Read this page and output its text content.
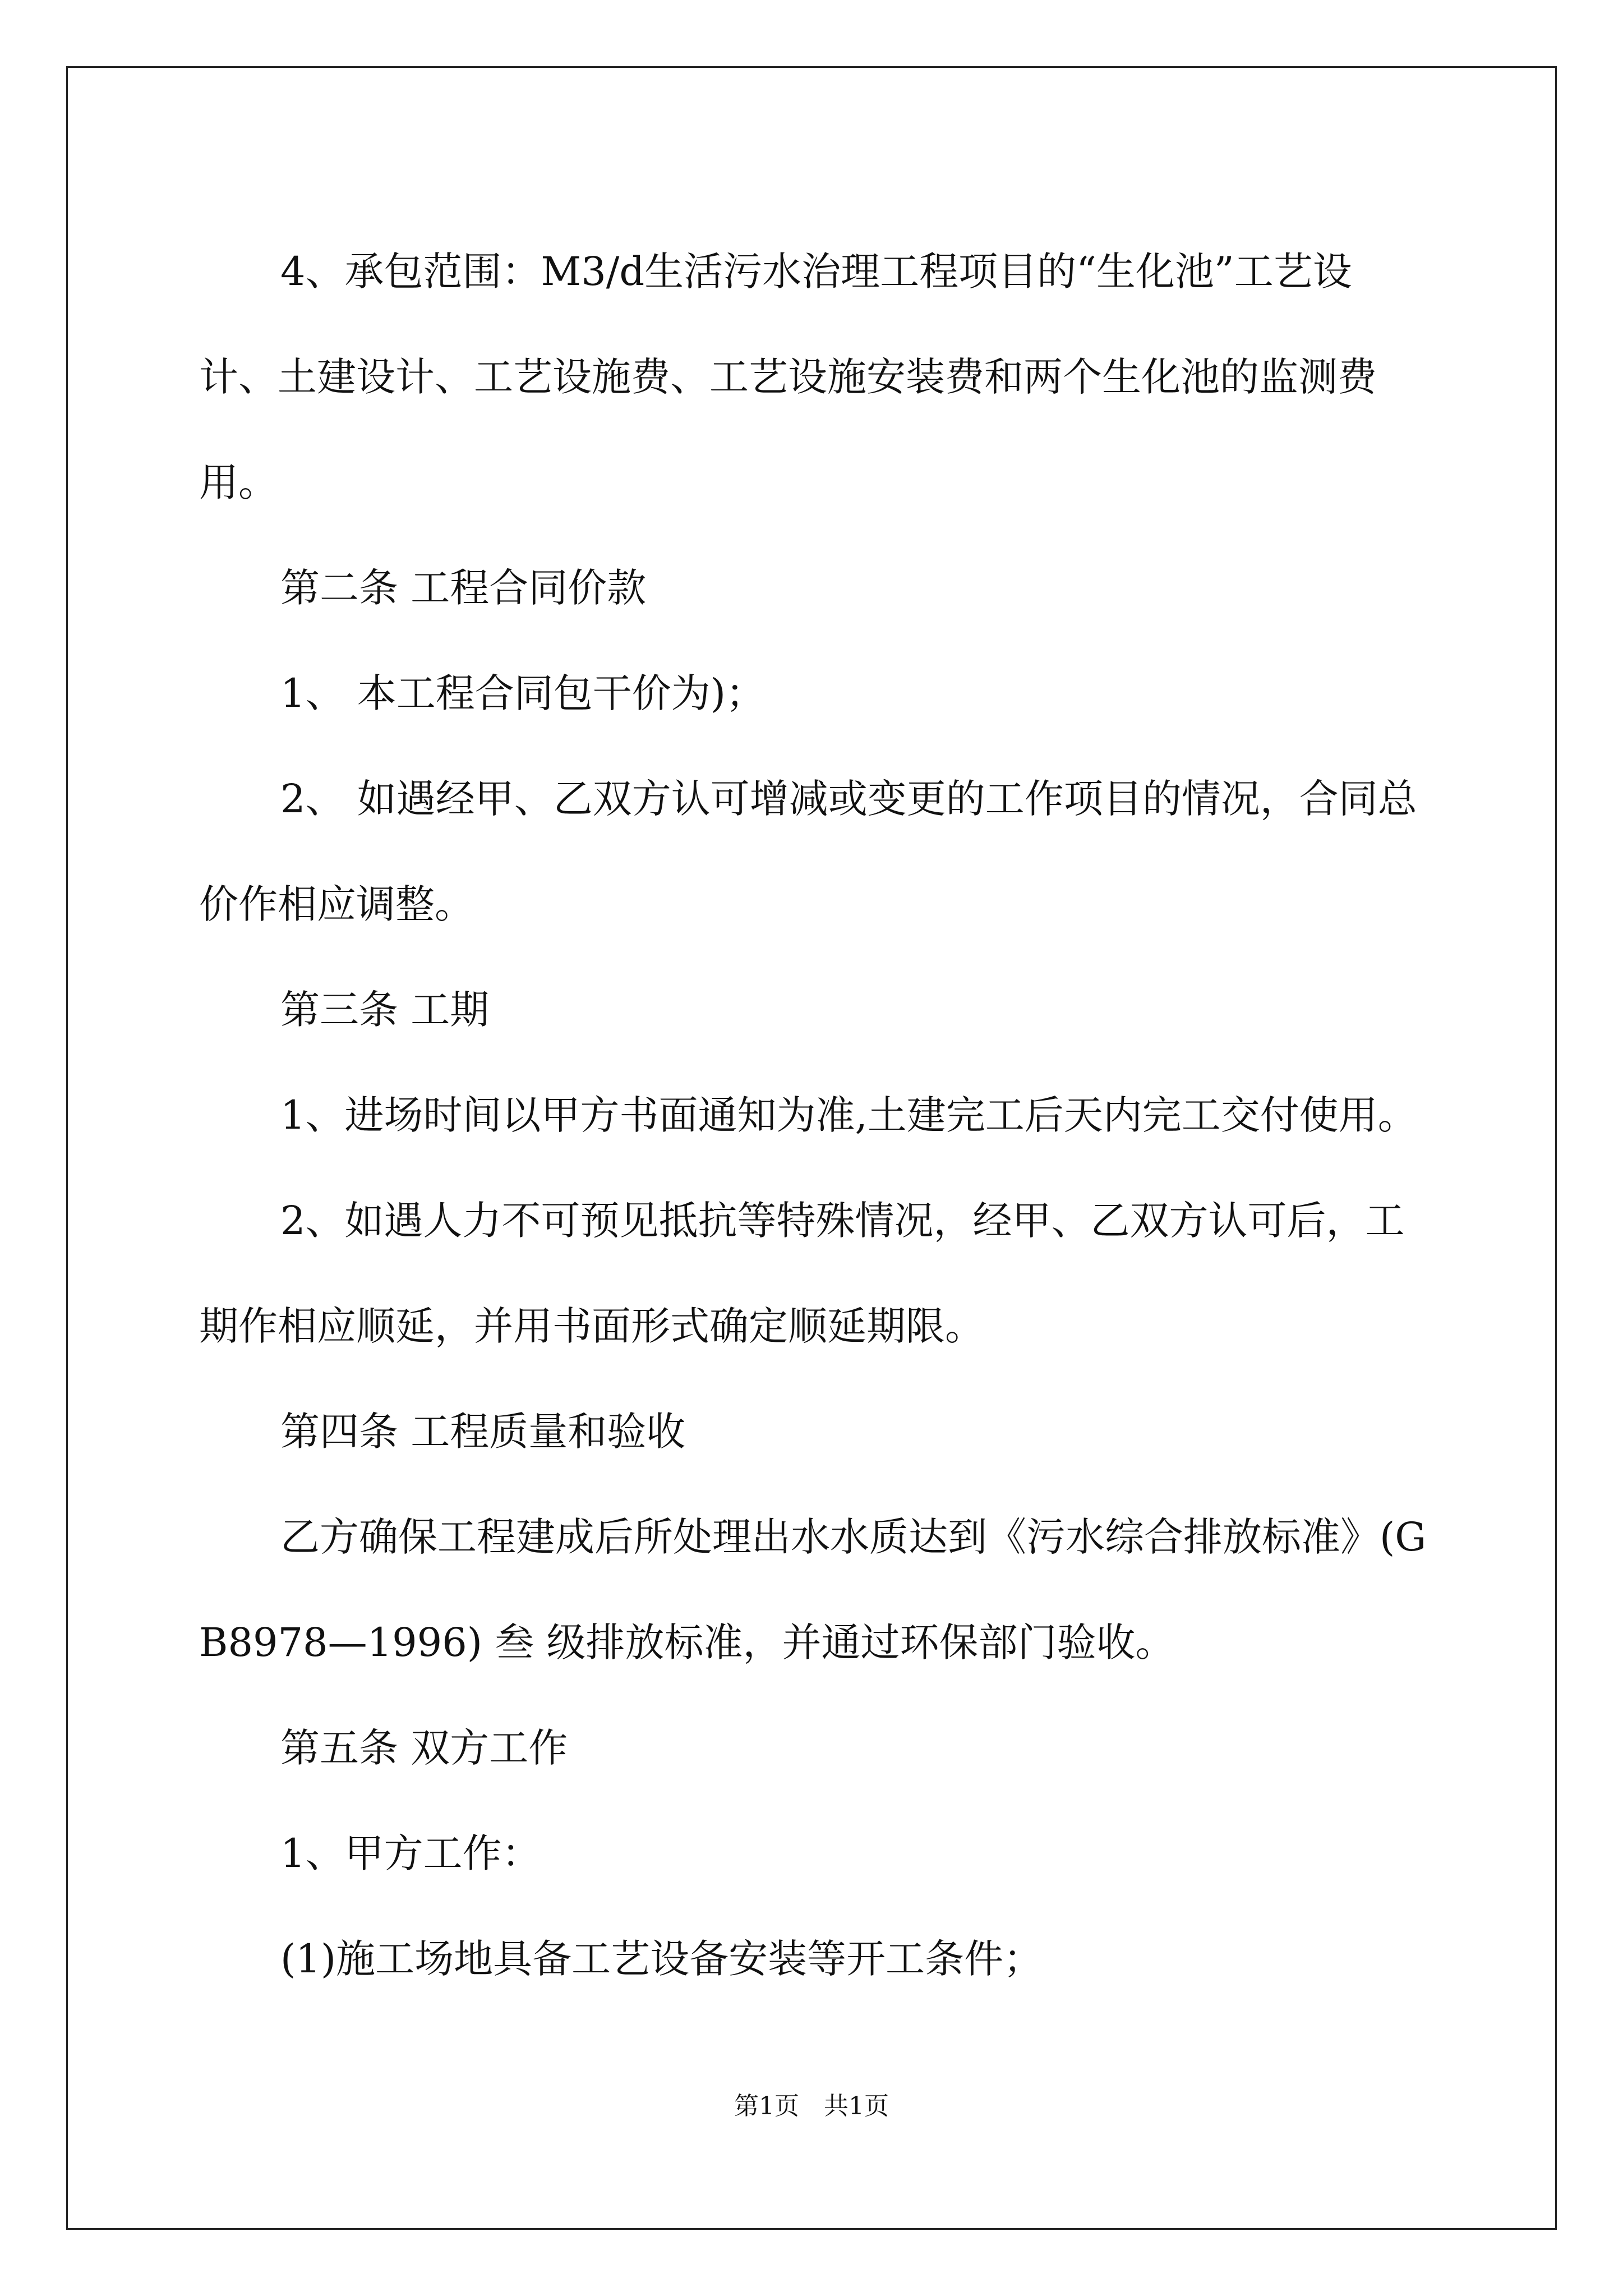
4、承包范围：M3/d生活污水治理工程项目的“生化池”工艺设计、土建设计、工艺设施费、工艺设施安装费和两个生化池的监测费用。

第二条 工程合同价款

1、 本工程合同包干价为)；

2、 如遇经甲、乙双方认可增减或变更的工作项目的情况，合同总价作相应调整。

第三条 工期

1、进场时间以甲方书面通知为准,土建完工后天内完工交付使用。

2、如遇人力不可预见抵抗等特殊情况，经甲、乙双方认可后，工期作相应顺延，并用书面形式确定顺延期限。

第四条 工程质量和验收

乙方确保工程建成后所处理出水水质达到《污水综合排放标准》(GB8978—1996) 叁 级排放标准，并通过环保部门验收。

第五条 双方工作

1、甲方工作：

(1)施工场地具备工艺设备安装等开工条件；

第1页　共1页
